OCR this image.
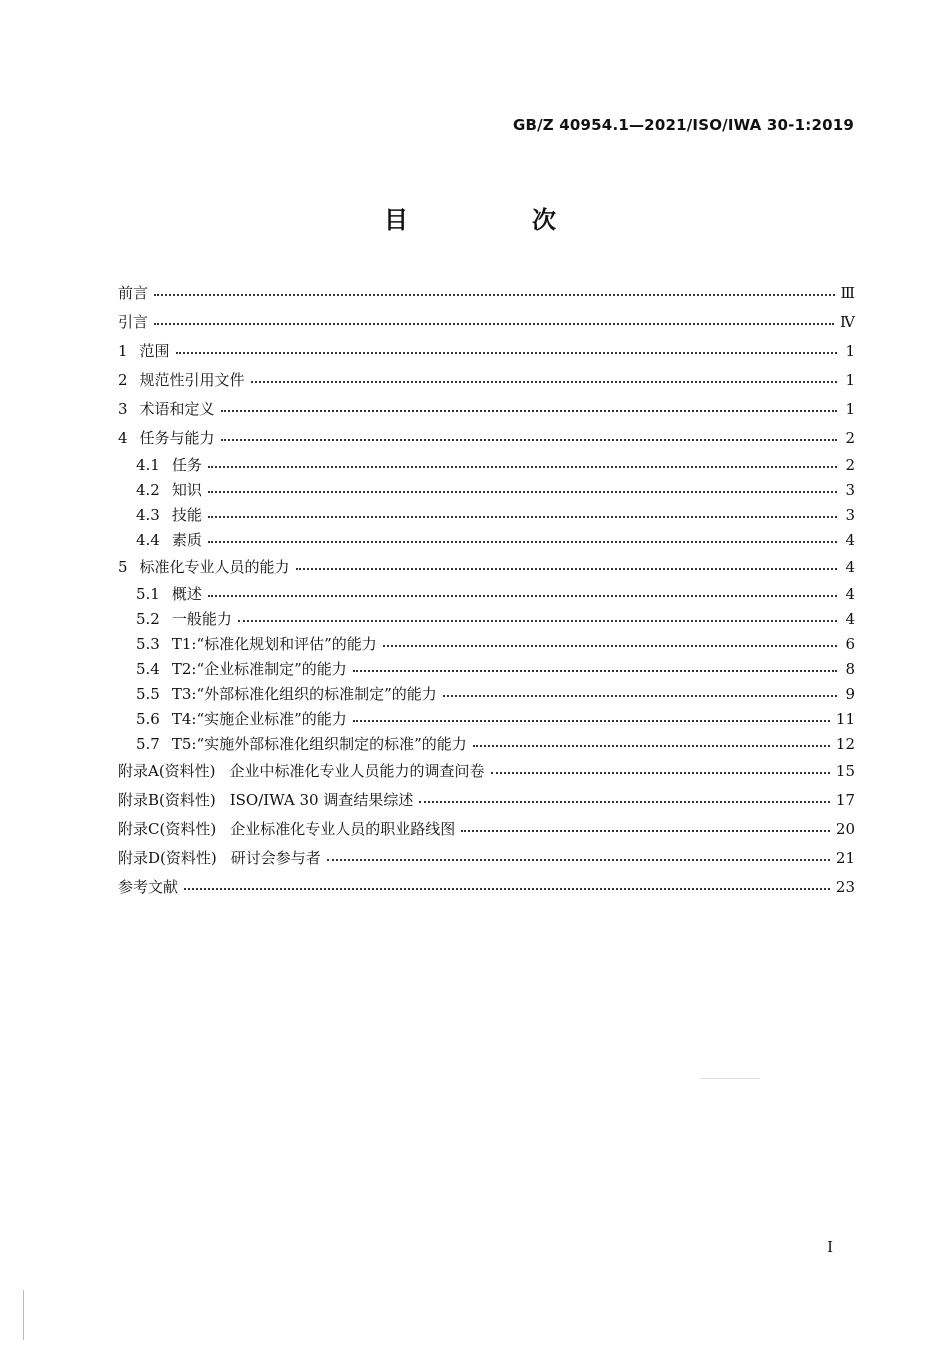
GB/Z 40954.1—2021/ISO/IWA 30-1:2019
目　次
前言	Ⅲ
引言	Ⅳ
1 范围	1
2 规范性引用文件	1
3 术语和定义	1
4 任务与能力	2
4.1 任务	2
4.2 知识	3
4.3 技能	3
4.4 素质	4
5 标准化专业人员的能力	4
5.1 概述	4
5.2 一般能力	4
5.3 T1:“标准化规划和评估”的能力	6
5.4 T2:“企业标准制定”的能力	8
5.5 T3:“外部标准化组织的标准制定”的能力	9
5.6 T4:“实施企业标准”的能力	11
5.7 T5:“实施外部标准化组织制定的标准”的能力	12
附录A(资料性) 企业中标准化专业人员能力的调查问卷	15
附录B(资料性) ISO/IWA 30 调查结果综述	17
附录C(资料性) 企业标准化专业人员的职业路线图	20
附录D(资料性) 研讨会参与者	21
参考文献	23
I
